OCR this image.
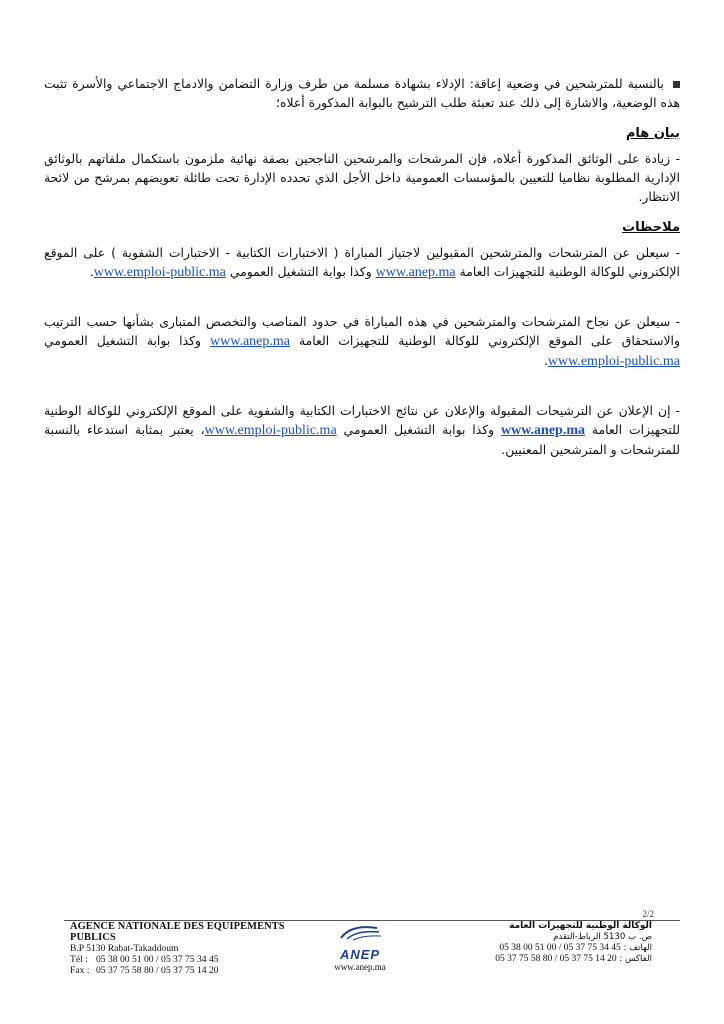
بالنسبة للمترشحين في وضعية إعاقة: الإدلاء بشهادة مسلمة من طرف وزارة التضامن والادماج الاجتماعي والأسرة تثبت هذه الوضعية، والاشارة إلى ذلك عند تعبئة طلب الترشيح بالبوابة المذكورة أعلاه؛

بيان هام

- زيادة على الوثائق المذكورة أعلاه، فإن المرشحات والمرشحين الناجحين بصفة نهائية ملزمون باستكمال ملفاتهم بالوثائق الإدارية المطلوبة نظاميا للتعيين بالمؤسسات العمومية داخل الأجل الذي تحدده الإدارة تحت طائلة تعويضهم بمرشح من لائحة الانتظار.

ملاحظات

- سيعلن عن المترشحات والمترشحين المقبولين لاجتياز المباراة ( الاختبارات الكتابية - الاختبارات الشفوية ) على الموقع الإلكتروني للوكالة الوطنية للتجهيزات العامة www.anep.ma وكذا بوابة التشغيل العمومي www.emploi-public.ma.

- سيعلن عن نجاح المترشحات والمترشحين في هذه المباراة في حدود المناصب والتخصص المتبارى بشأنها حسب الترتيب والاستحقاق على الموقع الإلكتروني للوكالة الوطنية للتجهيزات العامة www.anep.ma وكذا بوابة التشغيل العمومي www.emploi-public.ma.

- إن الإعلان عن الترشيحات المقبولة والإعلان عن نتائج الاختبارات الكتابية والشفوية على الموقع الإلكتروني للوكالة الوطنية للتجهيزات العامة www.anep.ma وكذا بوابة التشغيل العمومي www.emploi-public.ma، يعتبر بمثابة استدعاء بالنسبة للمترشحات و المترشحين المعنيين.

2/2
AGENCE NATIONALE DES EQUIPEMENTS PUBLICS
B.P 5130 Rabat-Takaddoum
Tél : 05 38 00 51 00 / 05 37 75 34 45
Fax : 05 37 75 58 80 / 05 37 75 14 20
ANEP
www.anep.ma
الوكالة الوطنية للتجهيزات العامة
ص. ب 5130 الرباط-التقدم
الهاتف : 05 38 00 51 00 / 05 37 75 34 45
الفاكس : 05 37 75 58 80 / 05 37 75 14 20
